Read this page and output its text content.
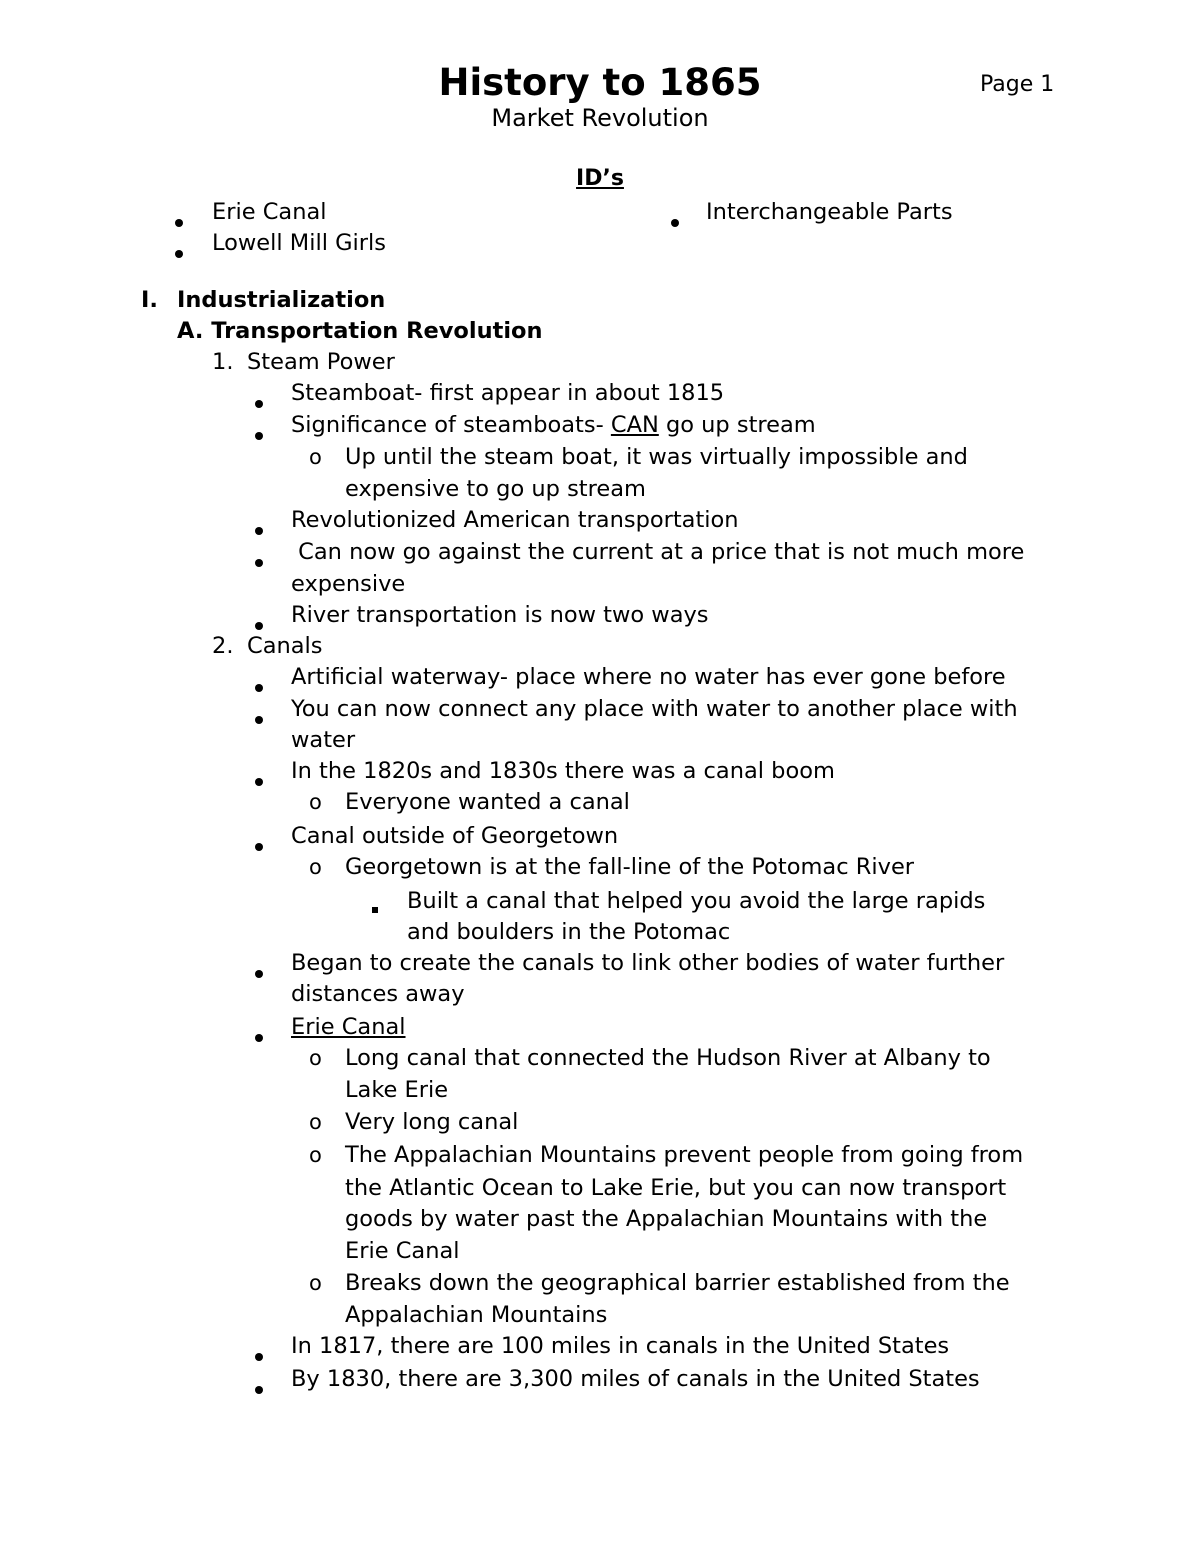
History to 1865	Page 1
Market Revolution
ID’s
Erie Canal
Lowell Mill Girls
Interchangeable Parts
I. Industrialization
A. Transportation Revolution
1. Steam Power
Steamboat- first appear in about 1815
Significance of steamboats- CAN go up stream
o Up until the steam boat, it was virtually impossible and
expensive to go up stream
Revolutionized American transportation
Can now go against the current at a price that is not much more
expensive
River transportation is now two ways
2. Canals
Artificial waterway- place where no water has ever gone before
You can now connect any place with water to another place with
water
In the 1820s and 1830s there was a canal boom
o Everyone wanted a canal
Canal outside of Georgetown
o Georgetown is at the fall-line of the Potomac River
Built a canal that helped you avoid the large rapids
and boulders in the Potomac
Began to create the canals to link other bodies of water further
distances away
Erie Canal
o Long canal that connected the Hudson River at Albany to
Lake Erie
o Very long canal
o The Appalachian Mountains prevent people from going from
the Atlantic Ocean to Lake Erie, but you can now transport
goods by water past the Appalachian Mountains with the
Erie Canal
o Breaks down the geographical barrier established from the
Appalachian Mountains
In 1817, there are 100 miles in canals in the United States
By 1830, there are 3,300 miles of canals in the United States
